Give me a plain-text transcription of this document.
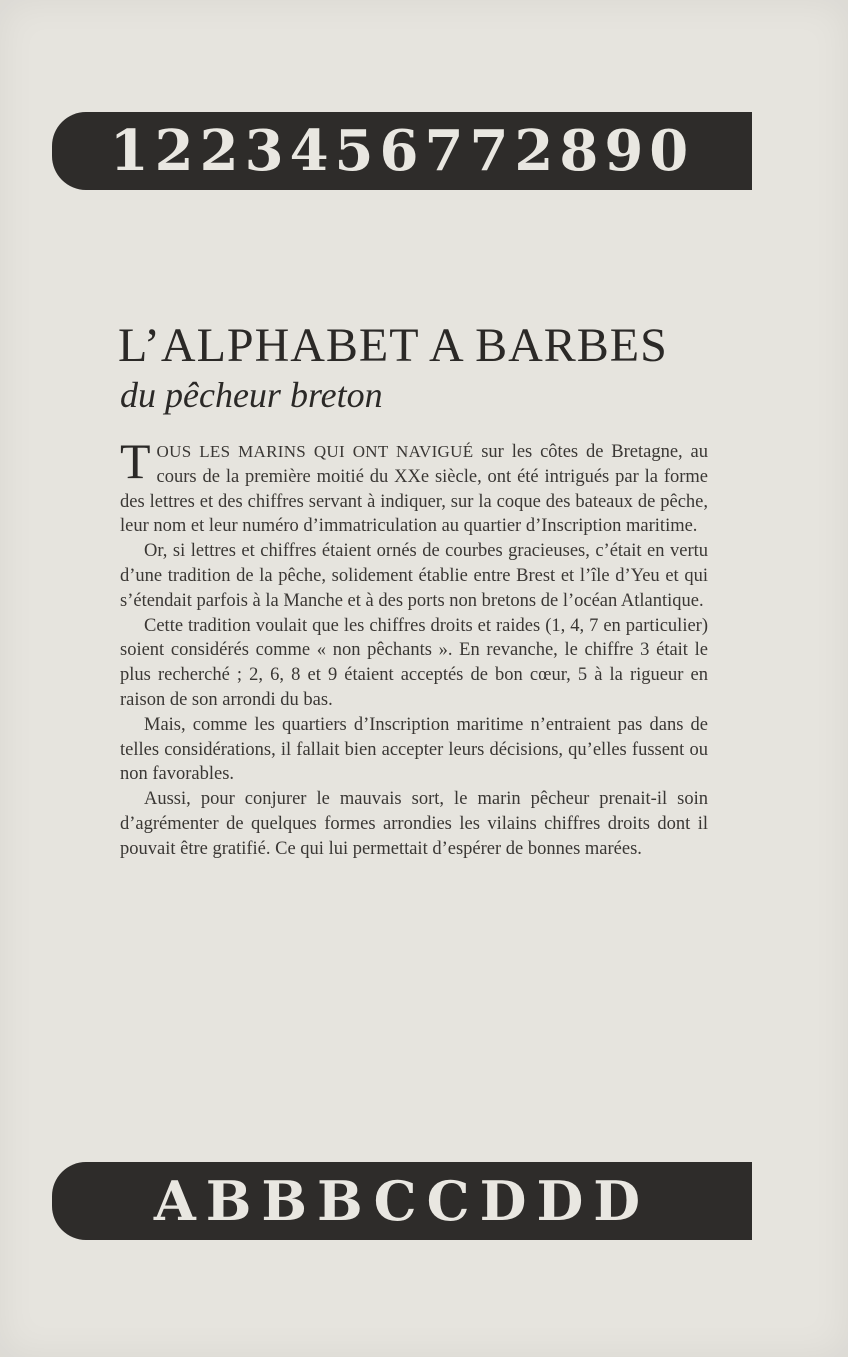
1223456772890
L’ALPHABET A BARBES
du pêcheur breton

TOUS LES MARINS QUI ONT NAVIGUÉ sur les côtes de Bretagne, au cours de la première moitié du XXe siècle, ont été intrigués par la forme des lettres et des chiffres servant à indiquer, sur la coque des bateaux de pêche, leur nom et leur numéro d’immatriculation au quartier d’Inscription maritime.

Or, si lettres et chiffres étaient ornés de courbes gracieuses, c’était en vertu d’une tradition de la pêche, solidement établie entre Brest et l’île d’Yeu et qui s’étendait parfois à la Manche et à des ports non bretons de l’océan Atlantique.

Cette tradition voulait que les chiffres droits et raides (1, 4, 7 en particulier) soient considérés comme « non pêchants ». En revanche, le chiffre 3 était le plus recherché ; 2, 6, 8 et 9 étaient acceptés de bon cœur, 5 à la rigueur en raison de son arrondi du bas.

Mais, comme les quartiers d’Inscription maritime n’entraient pas dans de telles considérations, il fallait bien accepter leurs décisions, qu’elles fussent ou non favorables.

Aussi, pour conjurer le mauvais sort, le marin pêcheur prenait-il soin d’agrémenter de quelques formes arrondies les vilains chiffres droits dont il pouvait être gratifié. Ce qui lui permettait d’espérer de bonnes marées.

ABBBCCDDD
